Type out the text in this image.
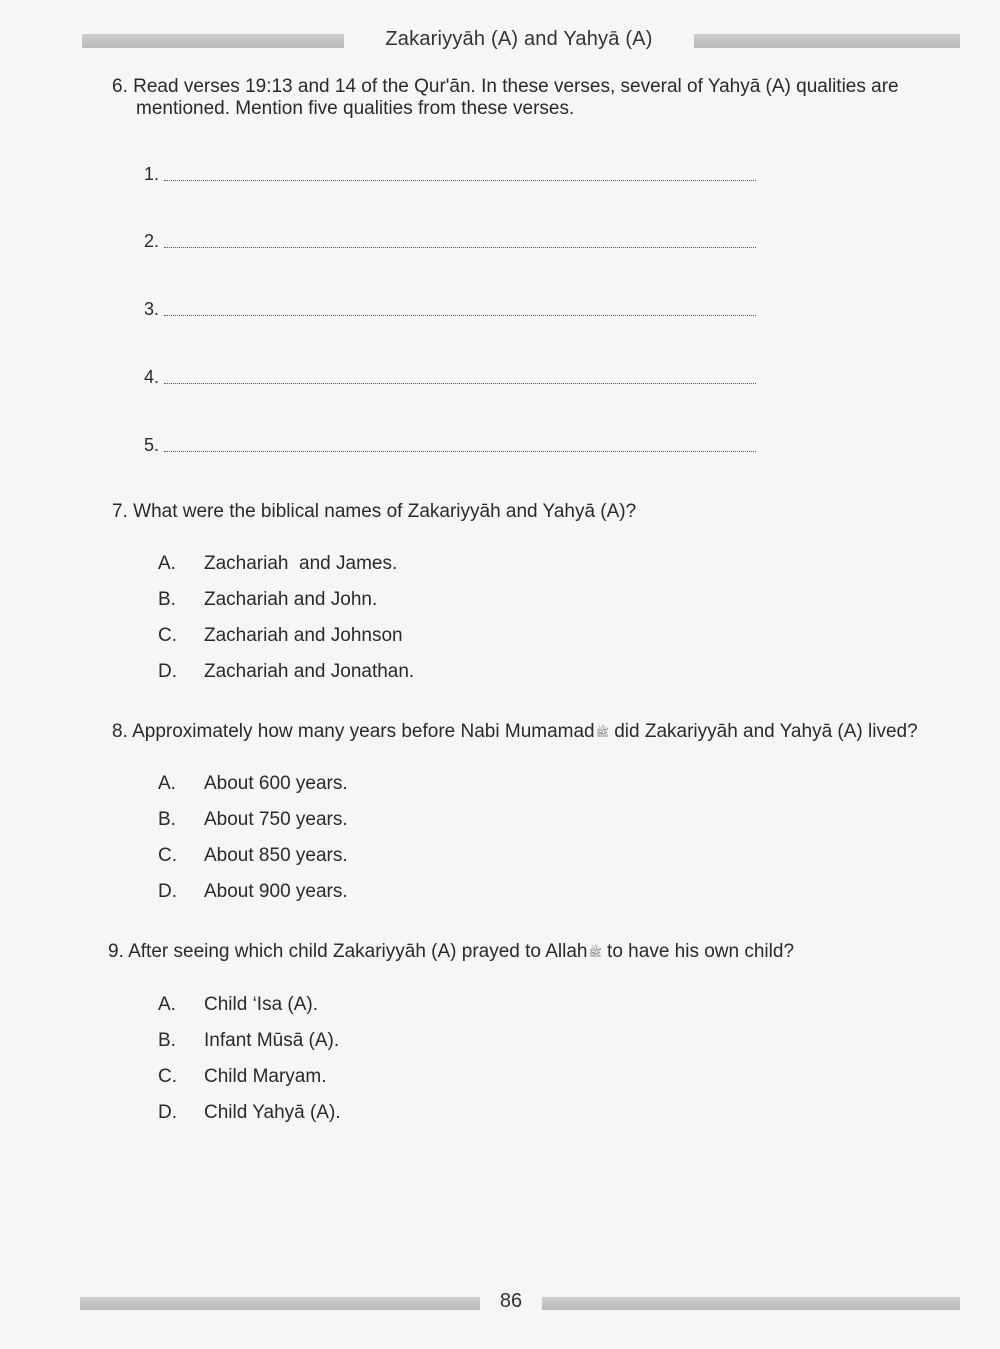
Zakariyyāh (A) and Yahyā (A)
6. Read verses 19:13 and 14 of the Qur'ān. In these verses, several of Yahyā (A) qualities are
mentioned. Mention five qualities from these verses.
1.
2.
3.
4.
5.
7. What were the biblical names of Zakariyyāh and Yahyā (A)?
A. Zachariah  and James.
B. Zachariah and John.
C. Zachariah and Johnson
D. Zachariah and Jonathan.
8. Approximately how many years before Nabi Mumamadﷺ did Zakariyyāh and Yahyā (A) lived?
A. About 600 years.
B. About 750 years.
C. About 850 years.
D. About 900 years.
9. After seeing which child Zakariyyāh (A) prayed to Allahﷺ to have his own child?
A. Child ‘Isa (A).
B. Infant Mūsā (A).
C. Child Maryam.
D. Child Yahyā (A).
86
